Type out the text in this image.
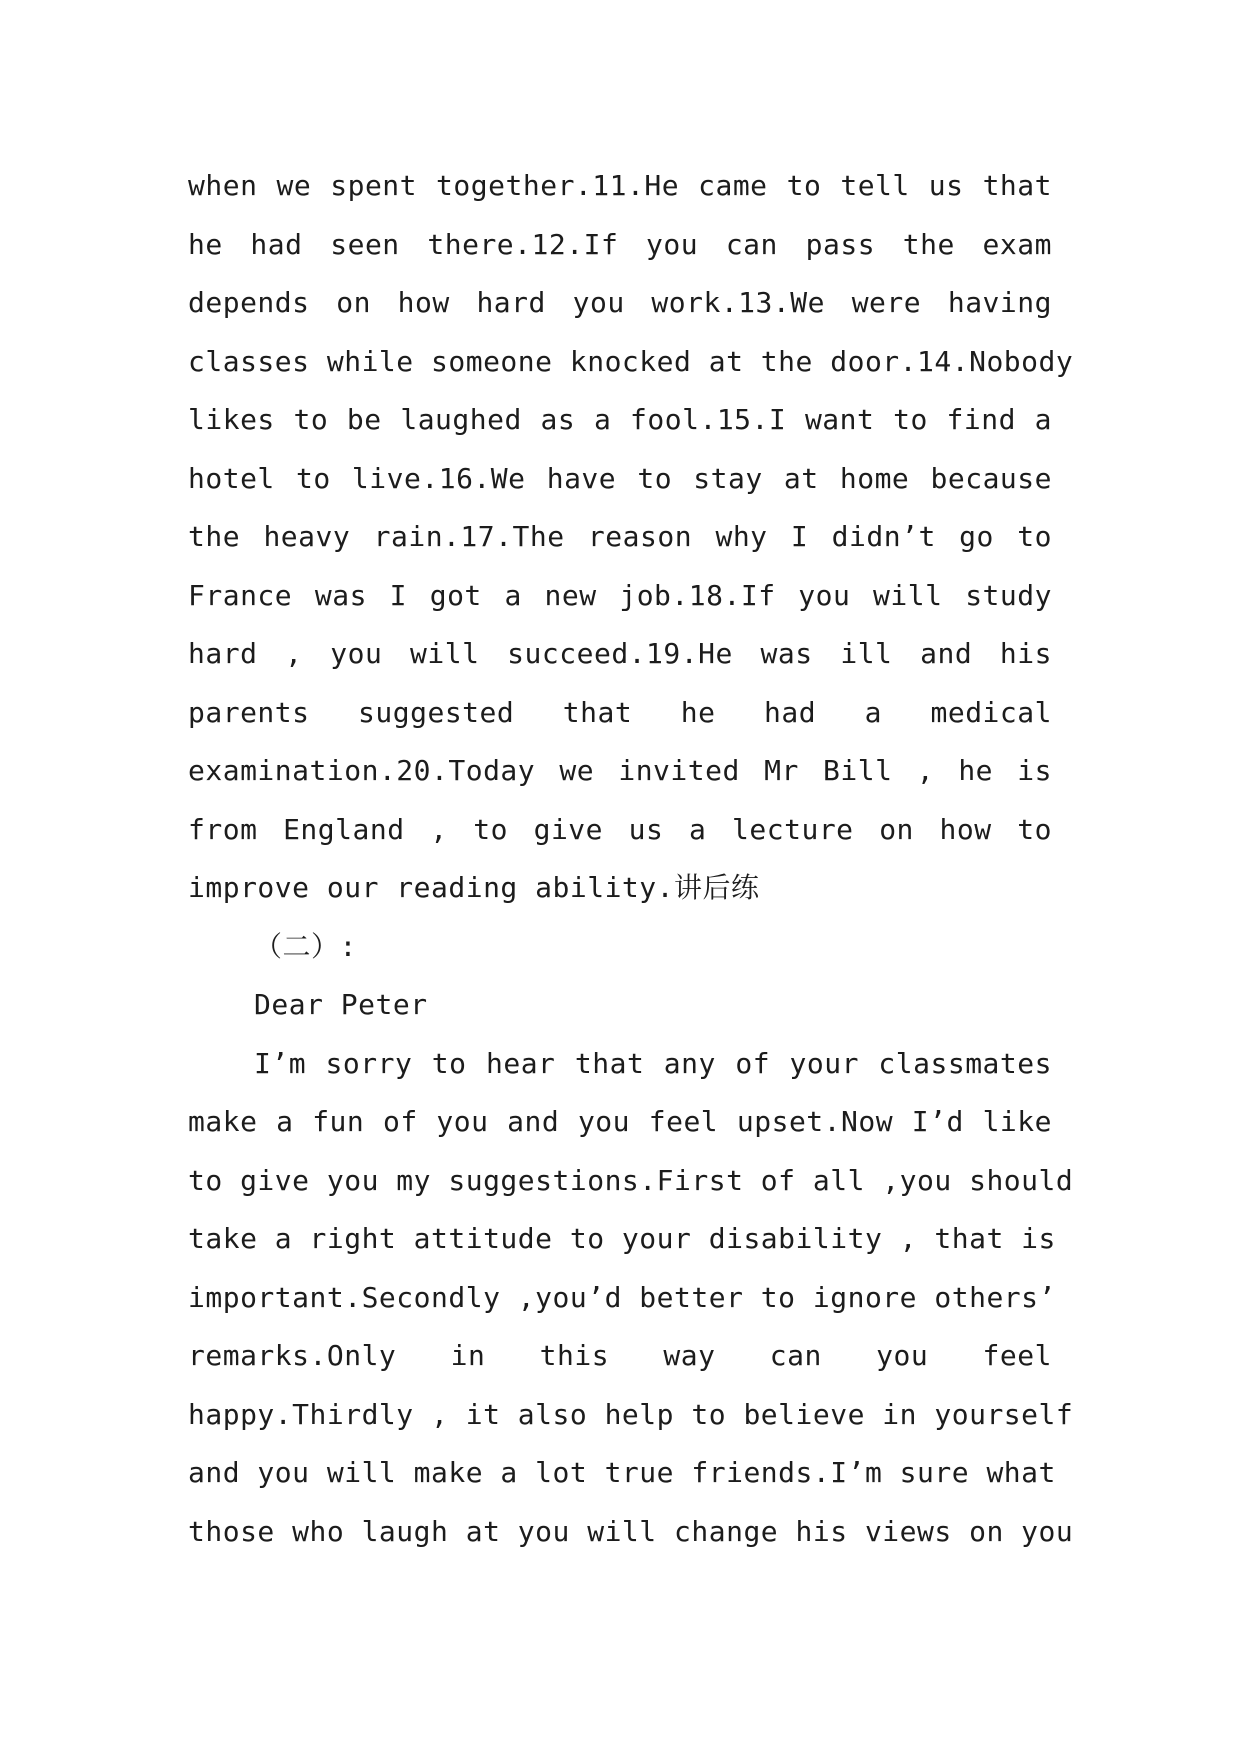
when we spent together.11.He came to tell us that
he had seen there.12.If you can pass the exam
depends on how hard you work.13.We were having
classes while someone knocked at the door.14.Nobody
likes to be laughed as a fool.15.I want to find a
hotel to live.16.We have to stay at home because
the heavy rain.17.The reason why I didn’t go to
France was I got a new job.18.If you will study
hard , you will succeed.19.He was ill and his
parents suggested that he had a medical
examination.20.Today we invited Mr Bill , he is
from England , to give us a lecture on how to
improve our reading ability.讲后练
（二）:
Dear Peter
I’m sorry to hear that any of your classmates
make a fun of you and you feel upset.Now I’d like
to give you my suggestions.First of all ,you should
take a right attitude to your disability , that is
important.Secondly ,you’d better to ignore others’
remarks.Only in this way can you feel
happy.Thirdly , it also help to believe in yourself
and you will make a lot true friends.I’m sure what
those who laugh at you will change his views on you
